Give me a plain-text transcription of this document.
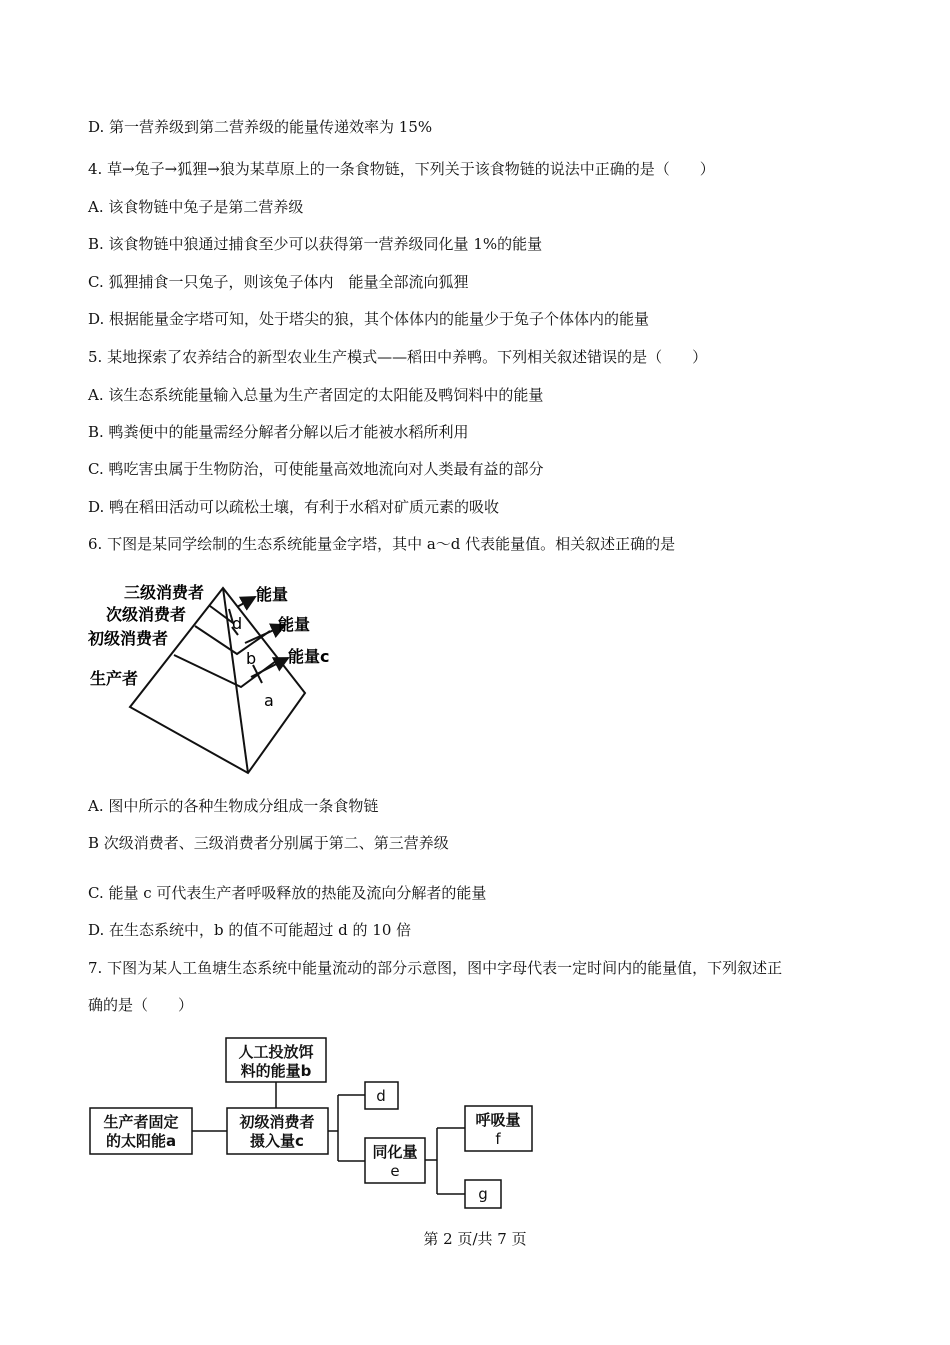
D. 第一营养级到第二营养级的能量传递效率为 15%
4. 草→兔子→狐狸→狼为某草原上的一条食物链，下列关于该食物链的说法中正确的是（　　）
A. 该食物链中兔子是第二营养级
B. 该食物链中狼通过捕食至少可以获得第一营养级同化量 1%的能量
C. 狐狸捕食一只兔子，则该兔子体内　能量全部流向狐狸
D. 根据能量金字塔可知，处于塔尖的狼，其个体体内的能量少于兔子个体体内的能量
5. 某地探索了农养结合的新型农业生产模式——稻田中养鸭。下列相关叙述错误的是（　　）
A. 该生态系统能量输入总量为生产者固定的太阳能及鸭饲料中的能量
B. 鸭粪便中的能量需经分解者分解以后才能被水稻所利用
C. 鸭吃害虫属于生物防治，可使能量高效地流向对人类最有益的部分
D. 鸭在稻田活动可以疏松土壤，有利于水稻对矿质元素的吸收
6. 下图是某同学绘制的生态系统能量金字塔，其中 a～d 代表能量值。相关叙述正确的是
三级消费者
次级消费者
初级消费者
生产者
能量
能量
能量c
d
b
a
A. 图中所示的各种生物成分组成一条食物链
B 次级消费者、三级消费者分别属于第二、第三营养级
C. 能量 c 可代表生产者呼吸释放的热能及流向分解者的能量
D. 在生态系统中，b 的值不可能超过 d 的 10 倍
7. 下图为某人工鱼塘生态系统中能量流动的部分示意图，图中字母代表一定时间内的能量值，下列叙述正
确的是（　　）
人工投放饵
料的能量b
生产者固定
的太阳能a
初级消费者
摄入量c
d
同化量
e
呼吸量
f
g
第 2 页/共 7 页
